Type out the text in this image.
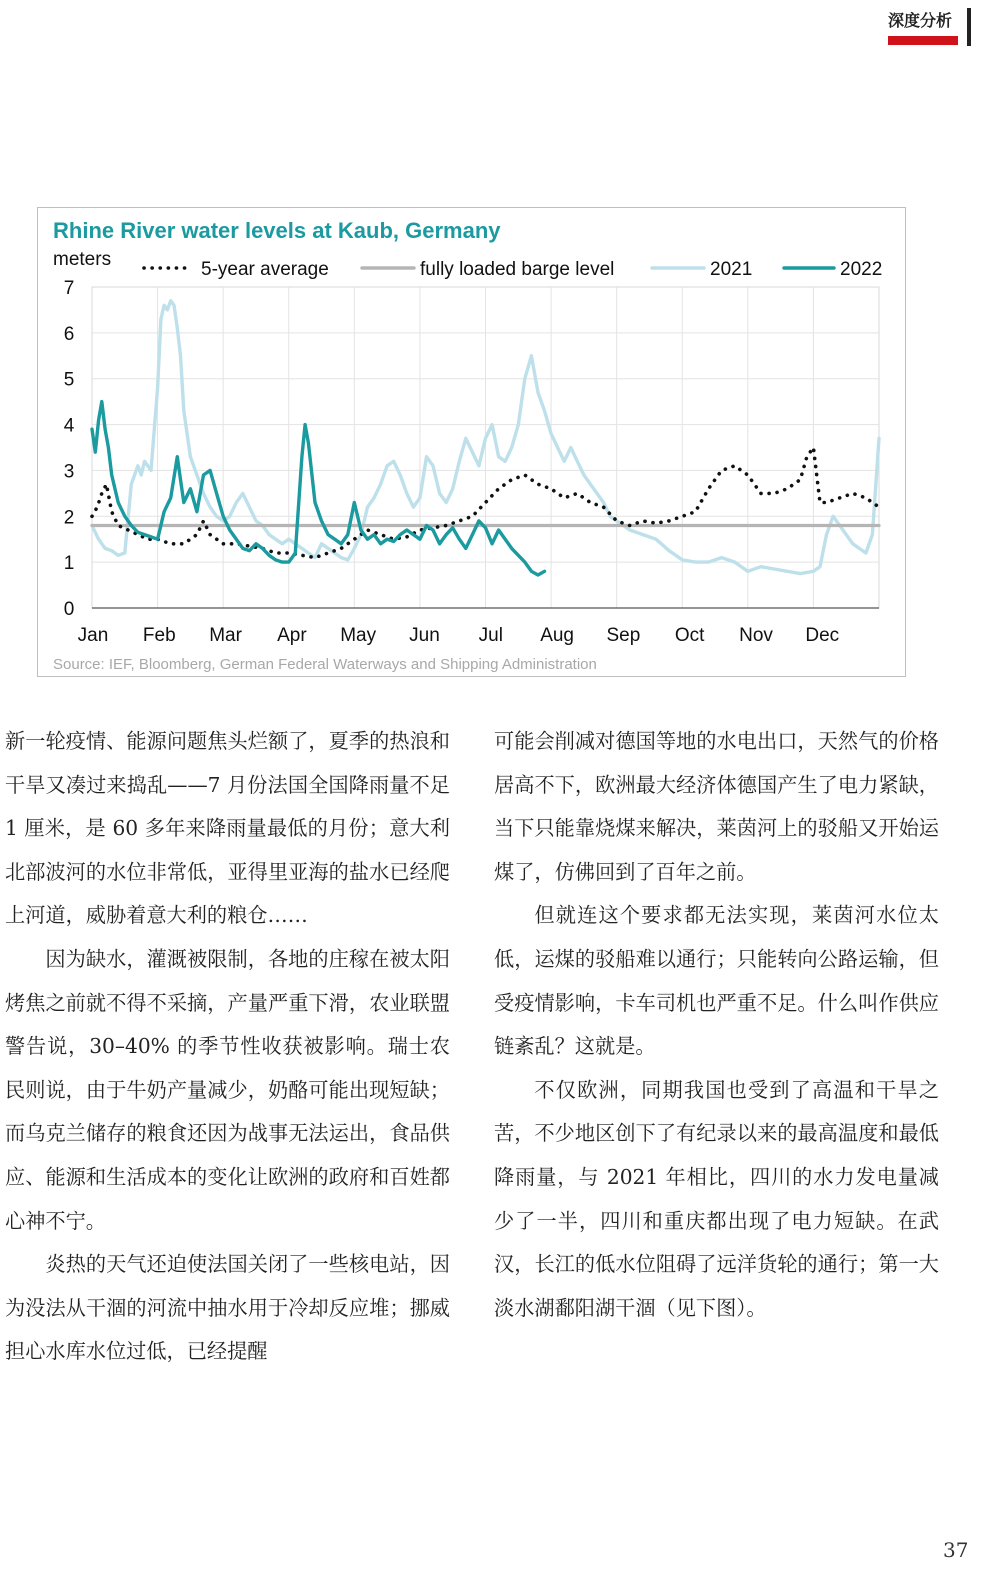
深度分析
Rhine River water levels at Kaub, Germany
meters	5-year average	fully loaded barge level	2021	2022
0
1
2
3
4
5
6
7
Jan Feb Mar Apr May Jun Jul Aug Sep Oct Nov Dec
Source: IEF, Bloomberg, German Federal Waterways and Shipping Administration

新一轮疫情、能源问题焦头烂额了，夏季的热浪和干旱又凑过来捣乱——7 月份法国全国降雨量不足 1 厘米，是 60 多年来降雨量最低的月份；意大利北部波河的水位非常低，亚得里亚海的盐水已经爬上河道，威胁着意大利的粮仓……

因为缺水，灌溉被限制，各地的庄稼在被太阳烤焦之前就不得不采摘，产量严重下滑，农业联盟警告说，30–40% 的季节性收获被影响。瑞士农民则说，由于牛奶产量减少，奶酪可能出现短缺；而乌克兰储存的粮食还因为战事无法运出，食品供应、能源和生活成本的变化让欧洲的政府和百姓都心神不宁。

炎热的天气还迫使法国关闭了一些核电站，因为没法从干涸的河流中抽水用于冷却反应堆；挪威担心水库水位过低，已经提醒

可能会削减对德国等地的水电出口，天然气的价格居高不下，欧洲最大经济体德国产生了电力紧缺，当下只能靠烧煤来解决，莱茵河上的驳船又开始运煤了，仿佛回到了百年之前。

但就连这个要求都无法实现，莱茵河水位太低，运煤的驳船难以通行；只能转向公路运输，但受疫情影响，卡车司机也严重不足。什么叫作供应链紊乱？这就是。

不仅欧洲，同期我国也受到了高温和干旱之苦，不少地区创下了有纪录以来的最高温度和最低降雨量，与 2021 年相比，四川的水力发电量减少了一半，四川和重庆都出现了电力短缺。在武汉，长江的低水位阻碍了远洋货轮的通行；第一大淡水湖鄱阳湖干涸（见下图）。

37
